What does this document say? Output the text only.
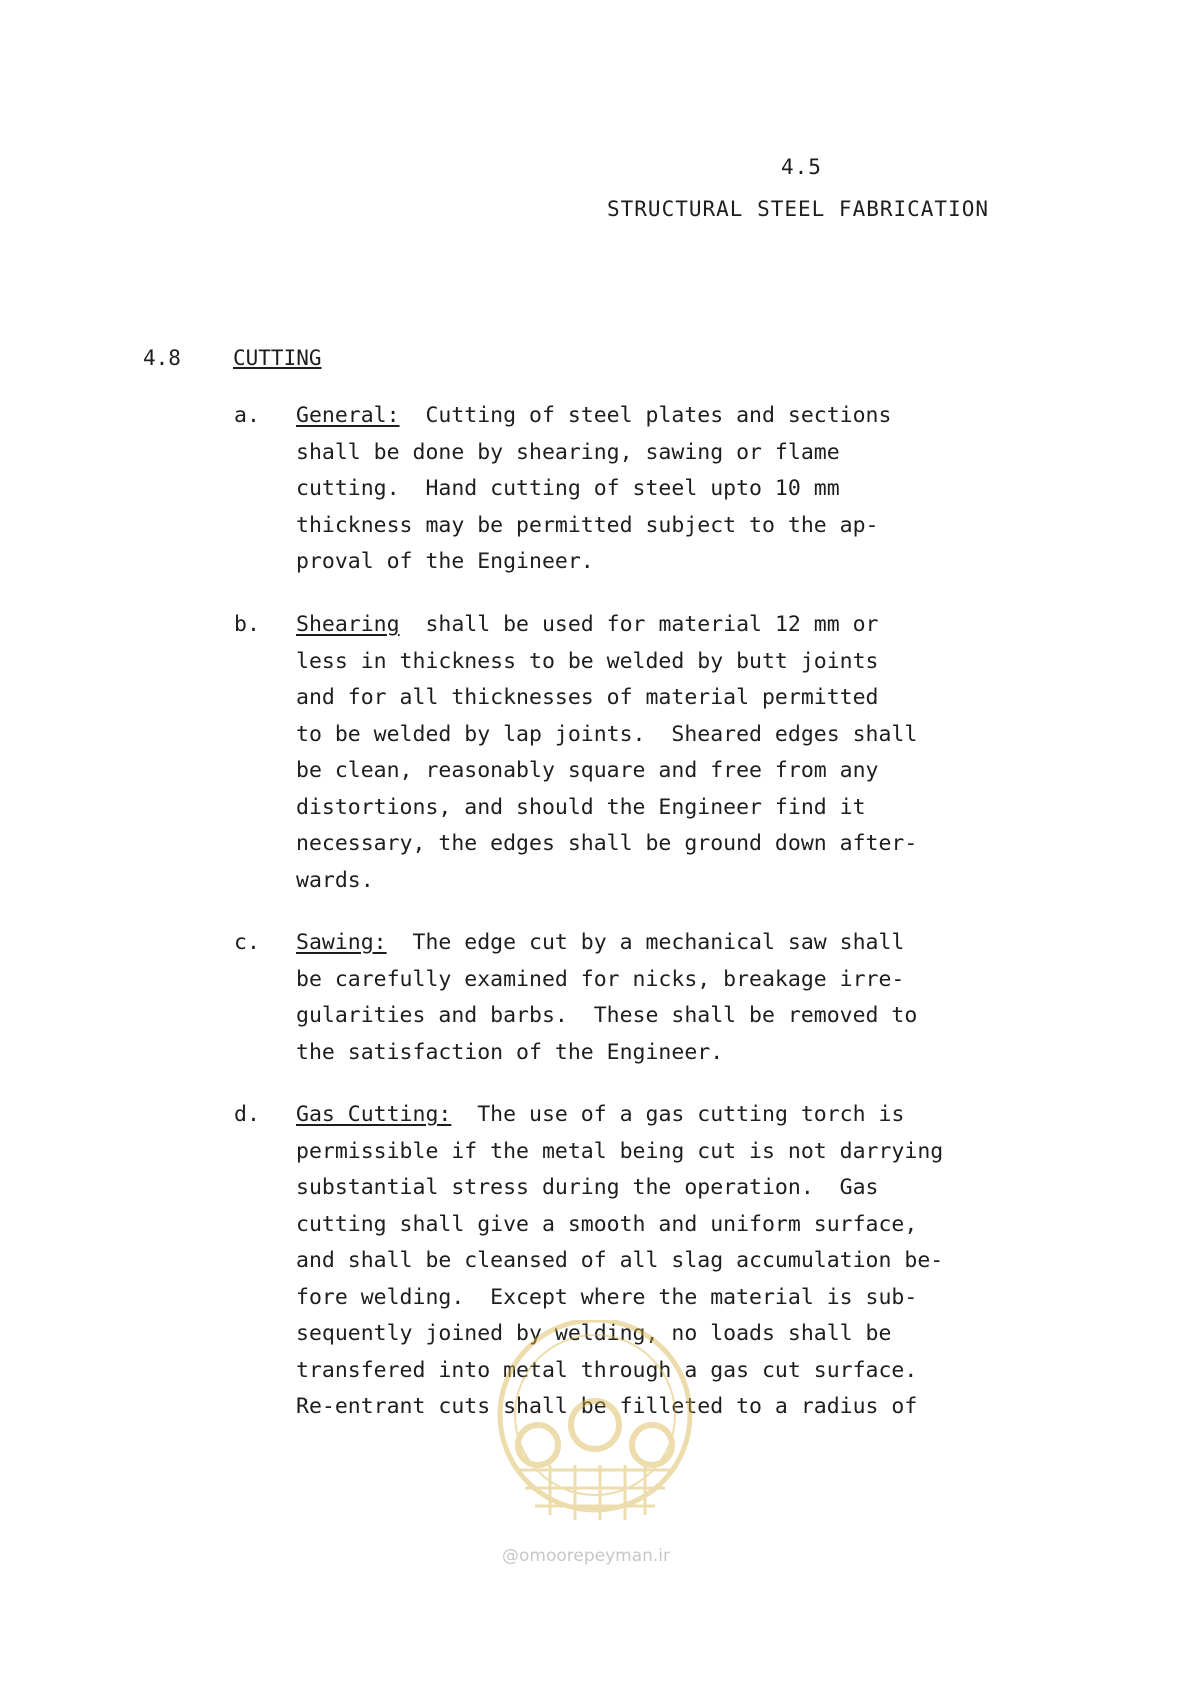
4.5
STRUCTURAL STEEL FABRICATION
4.8 CUTTING
a. General: Cutting of steel plates and sections
shall be done by shearing, sawing or flame
cutting.  Hand cutting of steel upto 10 mm
thickness may be permitted subject to the ap-
proval of the Engineer.
b. Shearing shall be used for material 12 mm or
less in thickness to be welded by butt joints
and for all thicknesses of material permitted
to be welded by lap joints.  Sheared edges shall
be clean, reasonably square and free from any
distortions, and should the Engineer find it
necessary, the edges shall be ground down after-
wards.
c. Sawing: The edge cut by a mechanical saw shall
be carefully examined for nicks, breakage irre-
gularities and barbs.  These shall be removed to
the satisfaction of the Engineer.
d. Gas Cutting: The use of a gas cutting torch is
permissible if the metal being cut is not darrying
substantial stress during the operation.  Gas
cutting shall give a smooth and uniform surface,
and shall be cleansed of all slag accumulation be-
fore welding.  Except where the material is sub-
sequently joined by welding, no loads shall be
transfered into metal through a gas cut surface.
Re-entrant cuts shall be filleted to a radius of
@omoorepeyman.ir
